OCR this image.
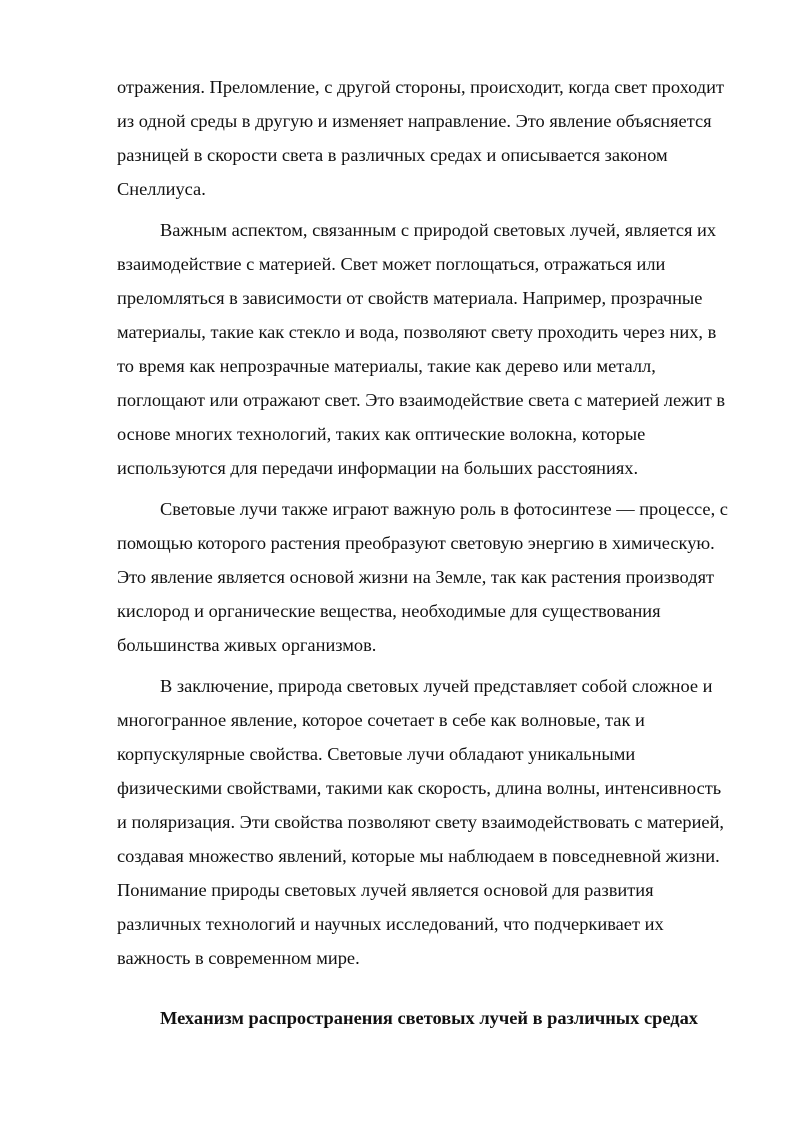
отражения. Преломление, с другой стороны, происходит, когда свет проходит
из одной среды в другую и изменяет направление. Это явление объясняется
разницей в скорости света в различных средах и описывается законом
Снеллиуса.

Важным аспектом, связанным с природой световых лучей, является их
взаимодействие с материей. Свет может поглощаться, отражаться или
преломляться в зависимости от свойств материала. Например, прозрачные
материалы, такие как стекло и вода, позволяют свету проходить через них, в
то время как непрозрачные материалы, такие как дерево или металл,
поглощают или отражают свет. Это взаимодействие света с материей лежит в
основе многих технологий, таких как оптические волокна, которые
используются для передачи информации на больших расстояниях.

Световые лучи также играют важную роль в фотосинтезе — процессе, с
помощью которого растения преобразуют световую энергию в химическую.
Это явление является основой жизни на Земле, так как растения производят
кислород и органические вещества, необходимые для существования
большинства живых организмов.

В заключение, природа световых лучей представляет собой сложное и
многогранное явление, которое сочетает в себе как волновые, так и
корпускулярные свойства. Световые лучи обладают уникальными
физическими свойствами, такими как скорость, длина волны, интенсивность
и поляризация. Эти свойства позволяют свету взаимодействовать с материей,
создавая множество явлений, которые мы наблюдаем в повседневной жизни.
Понимание природы световых лучей является основой для развития
различных технологий и научных исследований, что подчеркивает их
важность в современном мире.

Механизм распространения световых лучей в различных средах
